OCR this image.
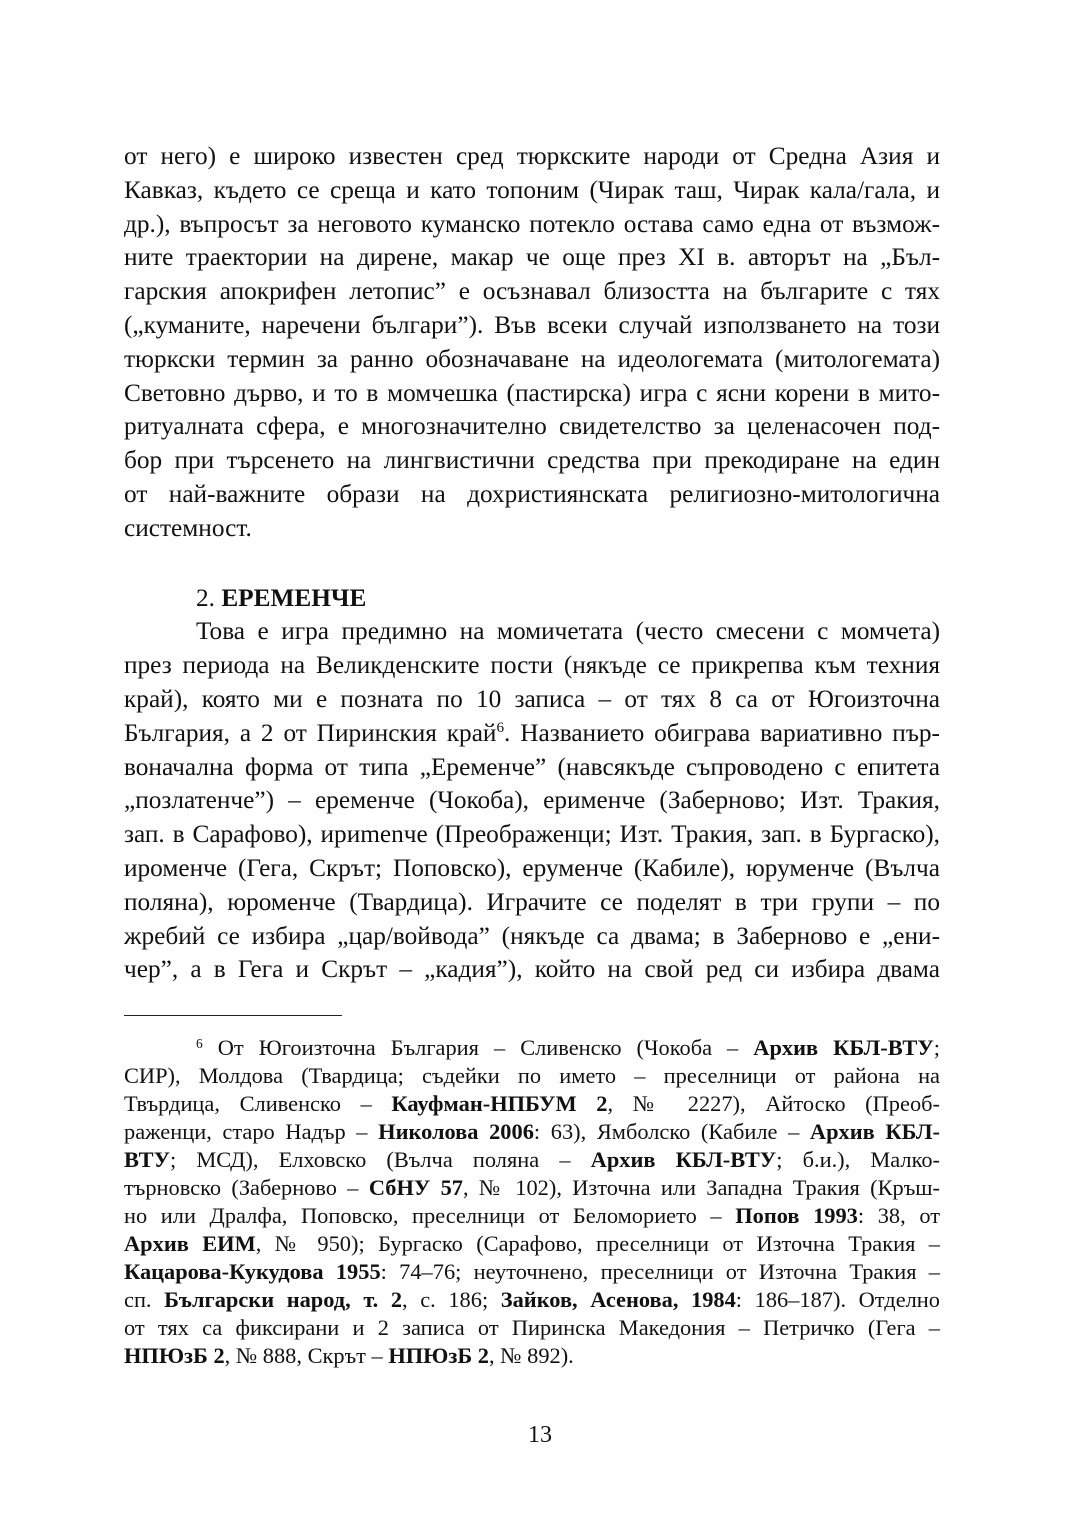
от него) е широко известен сред тюркските народи от Средна Азия и
Кавказ, където се среща и като топоним (Чирак таш, Чирак кала/гала, и
др.), въпросът за неговото куманско потекло остава само една от възмож-
ните траектории на дирене, макар че още през XI в. авторът на „Бъл-
гарския апокрифен летопис” е осъзнавал близостта на българите с тях
(„куманите, наречени българи”). Във всеки случай използването на този
тюркски термин за ранно обозначаване на идеологемата (митологемата)
Световно дърво, и то в момчешка (пастирска) игра с ясни корени в мито-
ритуалната сфера, е многозначително свидетелство за целенасочен под-
бор при търсенето на лингвистични средства при прекодиране на един
от най-важните образи на дохристиянската религиозно-митологична
системност.
2. ЕРЕМЕНЧЕ
Това е игра предимно на момичетата (често смесени с момчета)
през периода на Великденските пости (някъде се прикрепва към техния
край), която ми е позната по 10 записа – от тях 8 са от Югоизточна
България, а 2 от Пиринския край$^6$. Названието обиграва вариативно пър-
воначална форма от типа „Еременче” (навсякъде съпроводено с епитета
„позлатенче”) – еременче (Чокоба), ерименче (Заберново; Изт. Тракия,
зап. в Сарафово), ириmenче (Преображенци; Изт. Тракия, зап. в Бургаско),
ироменче (Гега, Скрът; Поповско), еруменче (Кабиле), юруменче (Вълча
поляна), юроменче (Твардица). Играчите се поделят в три групи – по
жребий се избира „цар/войвода” (някъде са двама; в Заберново е „ени-
чер”, а в Гега и Скрът – „кадия”), който на свой ред си избира двама
$^6$ От Югоизточна България – Сливенско (Чокоба – Архив КБЛ-ВТУ;
СИР), Молдова (Твардица; съдейки по името – преселници от района на
Твърдица, Сливенско – Кауфман-НПБУМ 2, № 2227), Айтоско (Преоб-
раженци, старо Надър – Николова 2006: 63), Ямболско (Кабиле – Архив КБЛ-
ВТУ; МСД), Елховско (Вълча поляна – Архив КБЛ-ВТУ; б.и.), Малко-
търновско (Заберново – СбНУ 57, № 102), Източна или Западна Тракия (Кръш-
но или Дралфа, Поповско, преселници от Беломорието – Попов 1993: 38, от
Архив ЕИМ, № 950); Бургаско (Сарафово, преселници от Източна Тракия –
Кацарова-Кукудова 1955: 74–76; неуточнено, преселници от Източна Тракия –
сп. Български народ, т. 2, с. 186; Зайков, Асенова, 1984: 186–187). Отделно
от тях са фиксирани и 2 записа от Пиринска Македония – Петричко (Гега –
НПЮзБ 2, № 888, Скрът – НПЮзБ 2, № 892).
13
